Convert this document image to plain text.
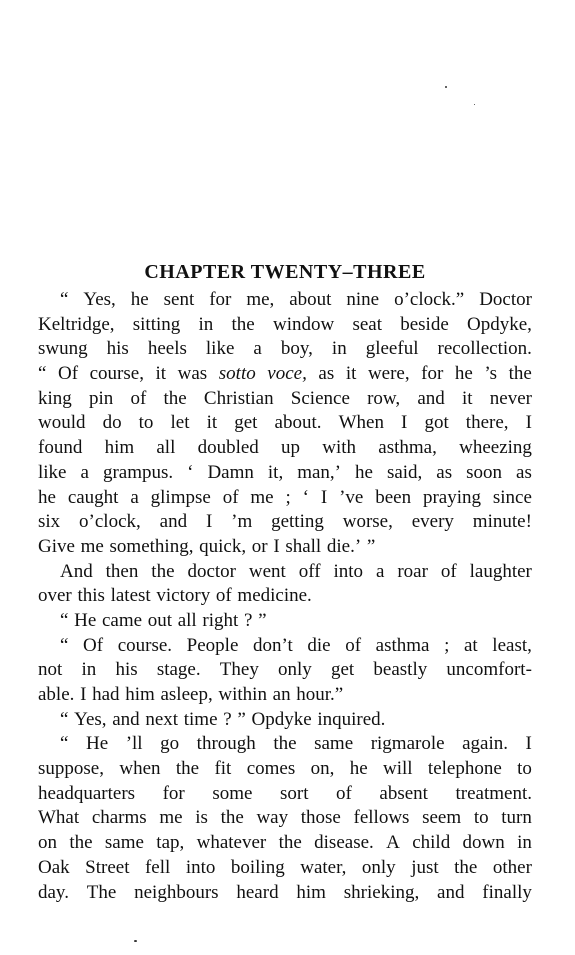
CHAPTER TWENTY–THREE
“ Yes, he sent for me, about nine o’clock.” Doctor
Keltridge, sitting in the window seat beside Opdyke,
swung his heels like a boy, in gleeful recollection.
“ Of course, it was sotto voce, as it were, for he ’s the
king pin of the Christian Science row, and it never
would do to let it get about. When I got there, I
found him all doubled up with asthma, wheezing
like a grampus. ‘ Damn it, man,’ he said, as soon as
he caught a glimpse of me ; ‘ I ’ve been praying since
six o’clock, and I ’m getting worse, every minute!
Give me something, quick, or I shall die.’ ”
And then the doctor went off into a roar of laughter
over this latest victory of medicine.
“ He came out all right ? ”
“ Of course. People don’t die of asthma ; at least,
not in his stage. They only get beastly uncomfort-
able. I had him asleep, within an hour.”
“ Yes, and next time ? ” Opdyke inquired.
“ He ’ll go through the same rigmarole again. I
suppose, when the fit comes on, he will telephone to
headquarters for some sort of absent treatment.
What charms me is the way those fellows seem to turn
on the same tap, whatever the disease. A child down in
Oak Street fell into boiling water, only just the other
day. The neighbours heard him shrieking, and finally
